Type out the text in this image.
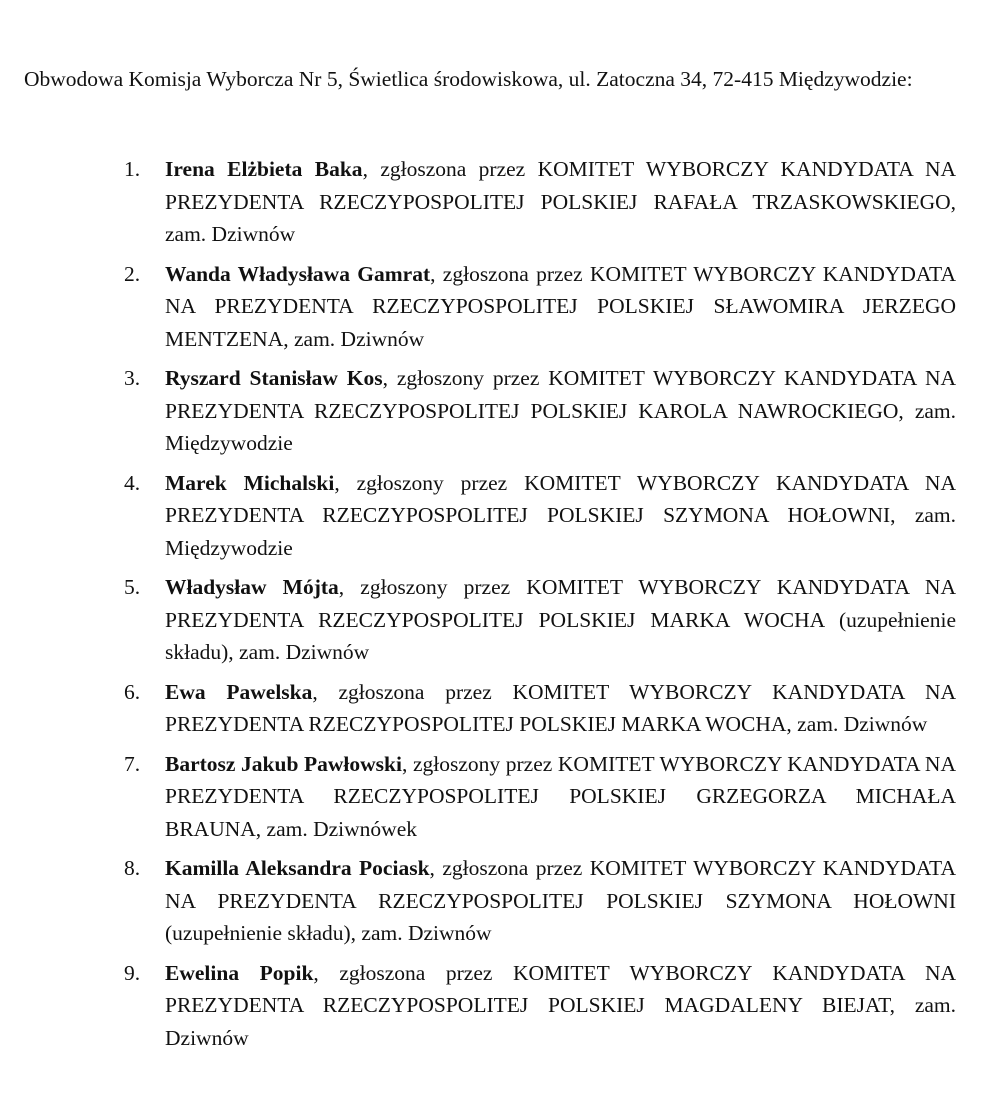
Obwodowa Komisja Wyborcza Nr 5, Świetlica środowiskowa, ul. Zatoczna 34, 72-415 Międzywodzie:

1.	Irena Elżbieta Baka, zgłoszona przez KOMITET WYBORCZY KANDYDATA NA PREZYDENTA RZECZYPOSPOLITEJ POLSKIEJ RAFAŁA TRZASKOWSKIEGO, zam. Dziwnów
2.	Wanda Władysława Gamrat, zgłoszona przez KOMITET WYBORCZY KANDYDATA NA PREZYDENTA RZECZYPOSPOLITEJ POLSKIEJ SŁAWOMIRA JERZEGO MENTZENA, zam. Dziwnów
3.	Ryszard Stanisław Kos, zgłoszony przez KOMITET WYBORCZY KANDYDATA NA PREZYDENTA RZECZYPOSPOLITEJ POLSKIEJ KAROLA NAWROCKIEGO, zam. Międzywodzie
4.	Marek Michalski, zgłoszony przez KOMITET WYBORCZY KANDYDATA NA PREZYDENTA RZECZYPOSPOLITEJ POLSKIEJ SZYMONA HOŁOWNI, zam. Międzywodzie
5.	Władysław Mójta, zgłoszony przez KOMITET WYBORCZY KANDYDATA NA PREZYDENTA RZECZYPOSPOLITEJ POLSKIEJ MARKA WOCHA (uzupełnienie składu), zam. Dziwnów
6.	Ewa Pawelska, zgłoszona przez KOMITET WYBORCZY KANDYDATA NA PREZYDENTA RZECZYPOSPOLITEJ POLSKIEJ MARKA WOCHA, zam. Dziwnów
7.	Bartosz Jakub Pawłowski, zgłoszony przez KOMITET WYBORCZY KANDYDATA NA PREZYDENTA RZECZYPOSPOLITEJ POLSKIEJ GRZEGORZA MICHAŁA BRAUNA, zam. Dziwnówek
8.	Kamilla Aleksandra Pociask, zgłoszona przez KOMITET WYBORCZY KANDYDATA NA PREZYDENTA RZECZYPOSPOLITEJ POLSKIEJ SZYMONA HOŁOWNI (uzupełnienie składu), zam. Dziwnów
9.	Ewelina Popik, zgłoszona przez KOMITET WYBORCZY KANDYDATA NA PREZYDENTA RZECZYPOSPOLITEJ POLSKIEJ MAGDALENY BIEJAT, zam. Dziwnów
